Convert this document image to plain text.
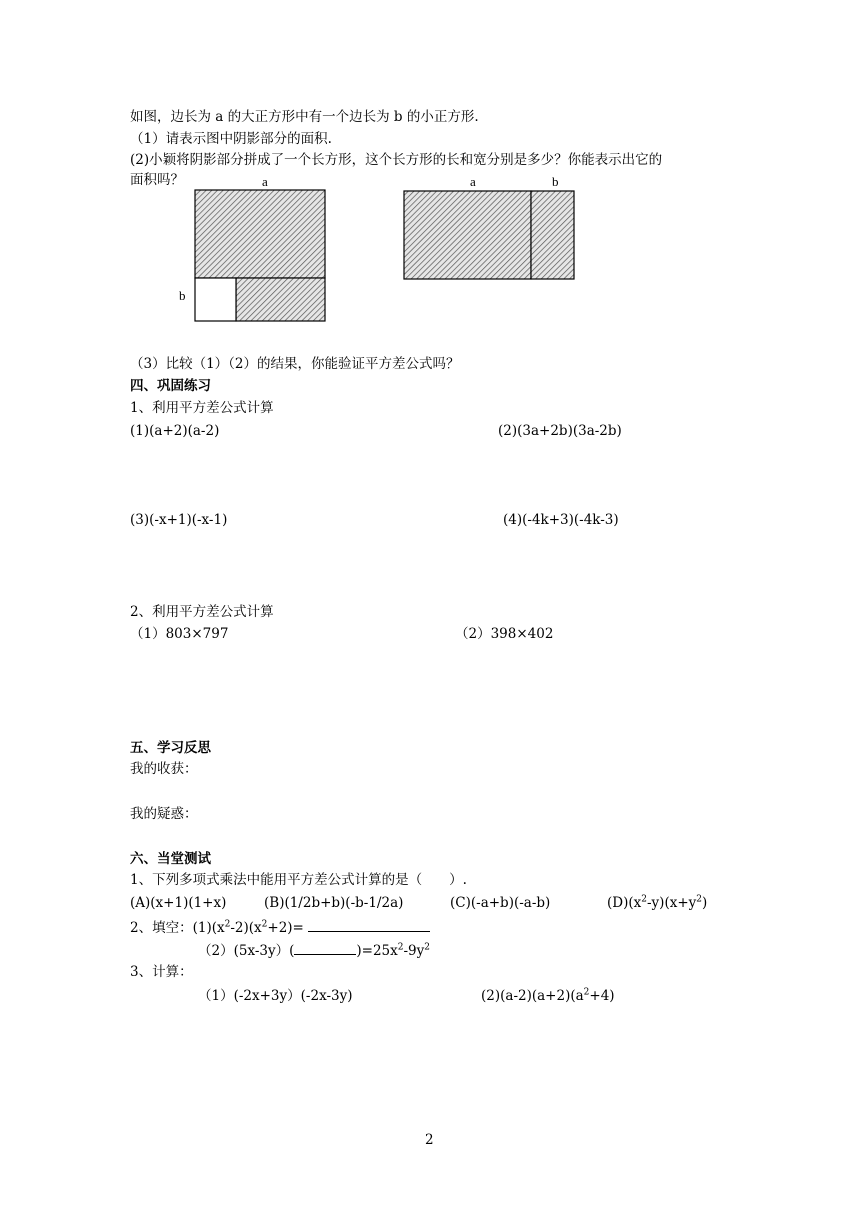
如图，边长为 a 的大正方形中有一个边长为 b 的小正方形.
（1）请表示图中阴影部分的面积.
(2)小颖将阴影部分拼成了一个长方形，这个长方形的长和宽分别是多少？你能表示出它的
面积吗？	a
b
a	b
（3）比较（1）（2）的结果，你能验证平方差公式吗？
四、巩固练习
1、利用平方差公式计算
(1)(a+2)(a-2)	(2)(3a+2b)(3a-2b)
(3)(-x+1)(-x-1)	(4)(-4k+3)(-4k-3)
2、利用平方差公式计算
（1）803×797	（2）398×402
五、学习反思
我的收获：
我的疑惑：
六、当堂测试
1、下列多项式乘法中能用平方差公式计算的是（　　）.
(A)(x+1)(1+x)	(B)(1/2b+b)(-b-1/2a)	(C)(-a+b)(-a-b)	$(D)(x^2-y)(x+y^2)$
2、填空：$(1)(x^2-2)(x^2+2)=$
（2）(5x-3y）(	)$=25x^2-9y^2$
3、计算：
（1）(-2x+3y）(-2x-3y)	$(2)(a-2)(a+2)(a^2+4)$
2
